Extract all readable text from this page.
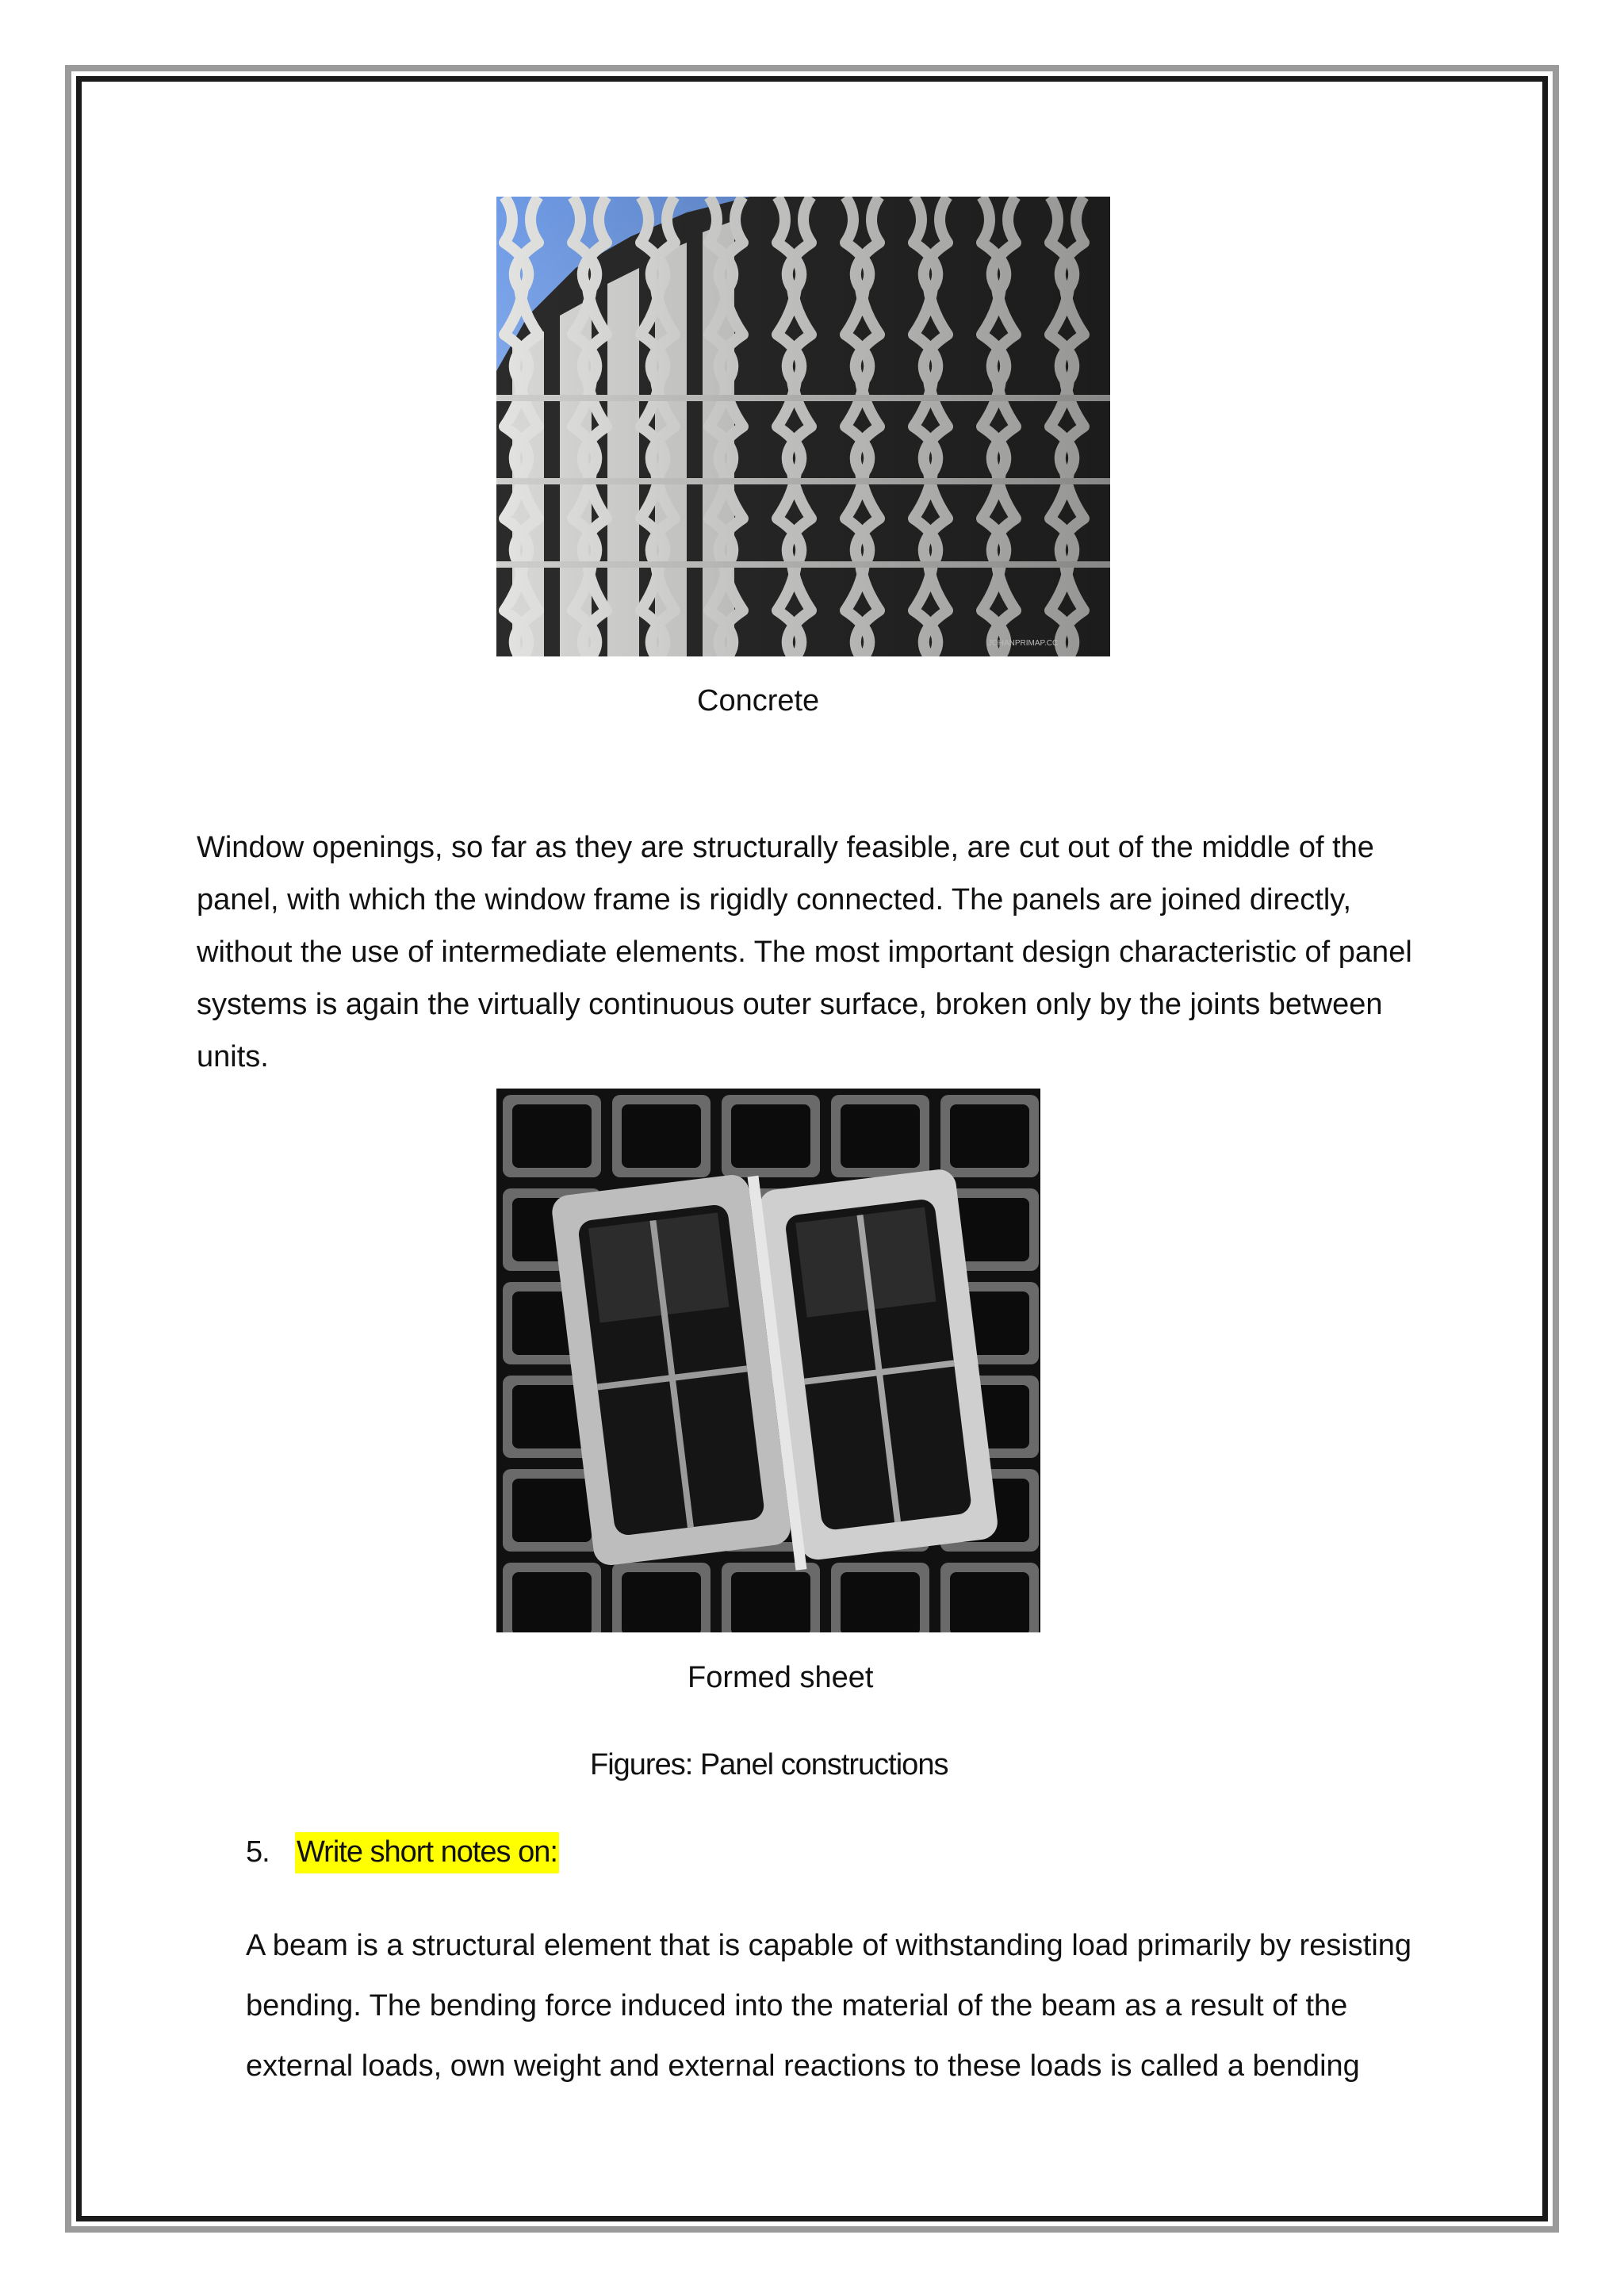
JOHANPRIMAP.CC
Concrete
Window openings, so far as they are structurally feasible, are cut out of the middle of the
panel, with which the window frame is rigidly connected. The panels are joined directly,
without the use of intermediate elements. The most important design characteristic of panel
systems is again the virtually continuous outer surface, broken only by the joints between
units.
Formed sheet
Figures: Panel constructions
5. Write short notes on:
A beam is a structural element that is capable of withstanding load primarily by resisting
bending. The bending force induced into the material of the beam as a result of the
external loads, own weight and external reactions to these loads is called a bending
